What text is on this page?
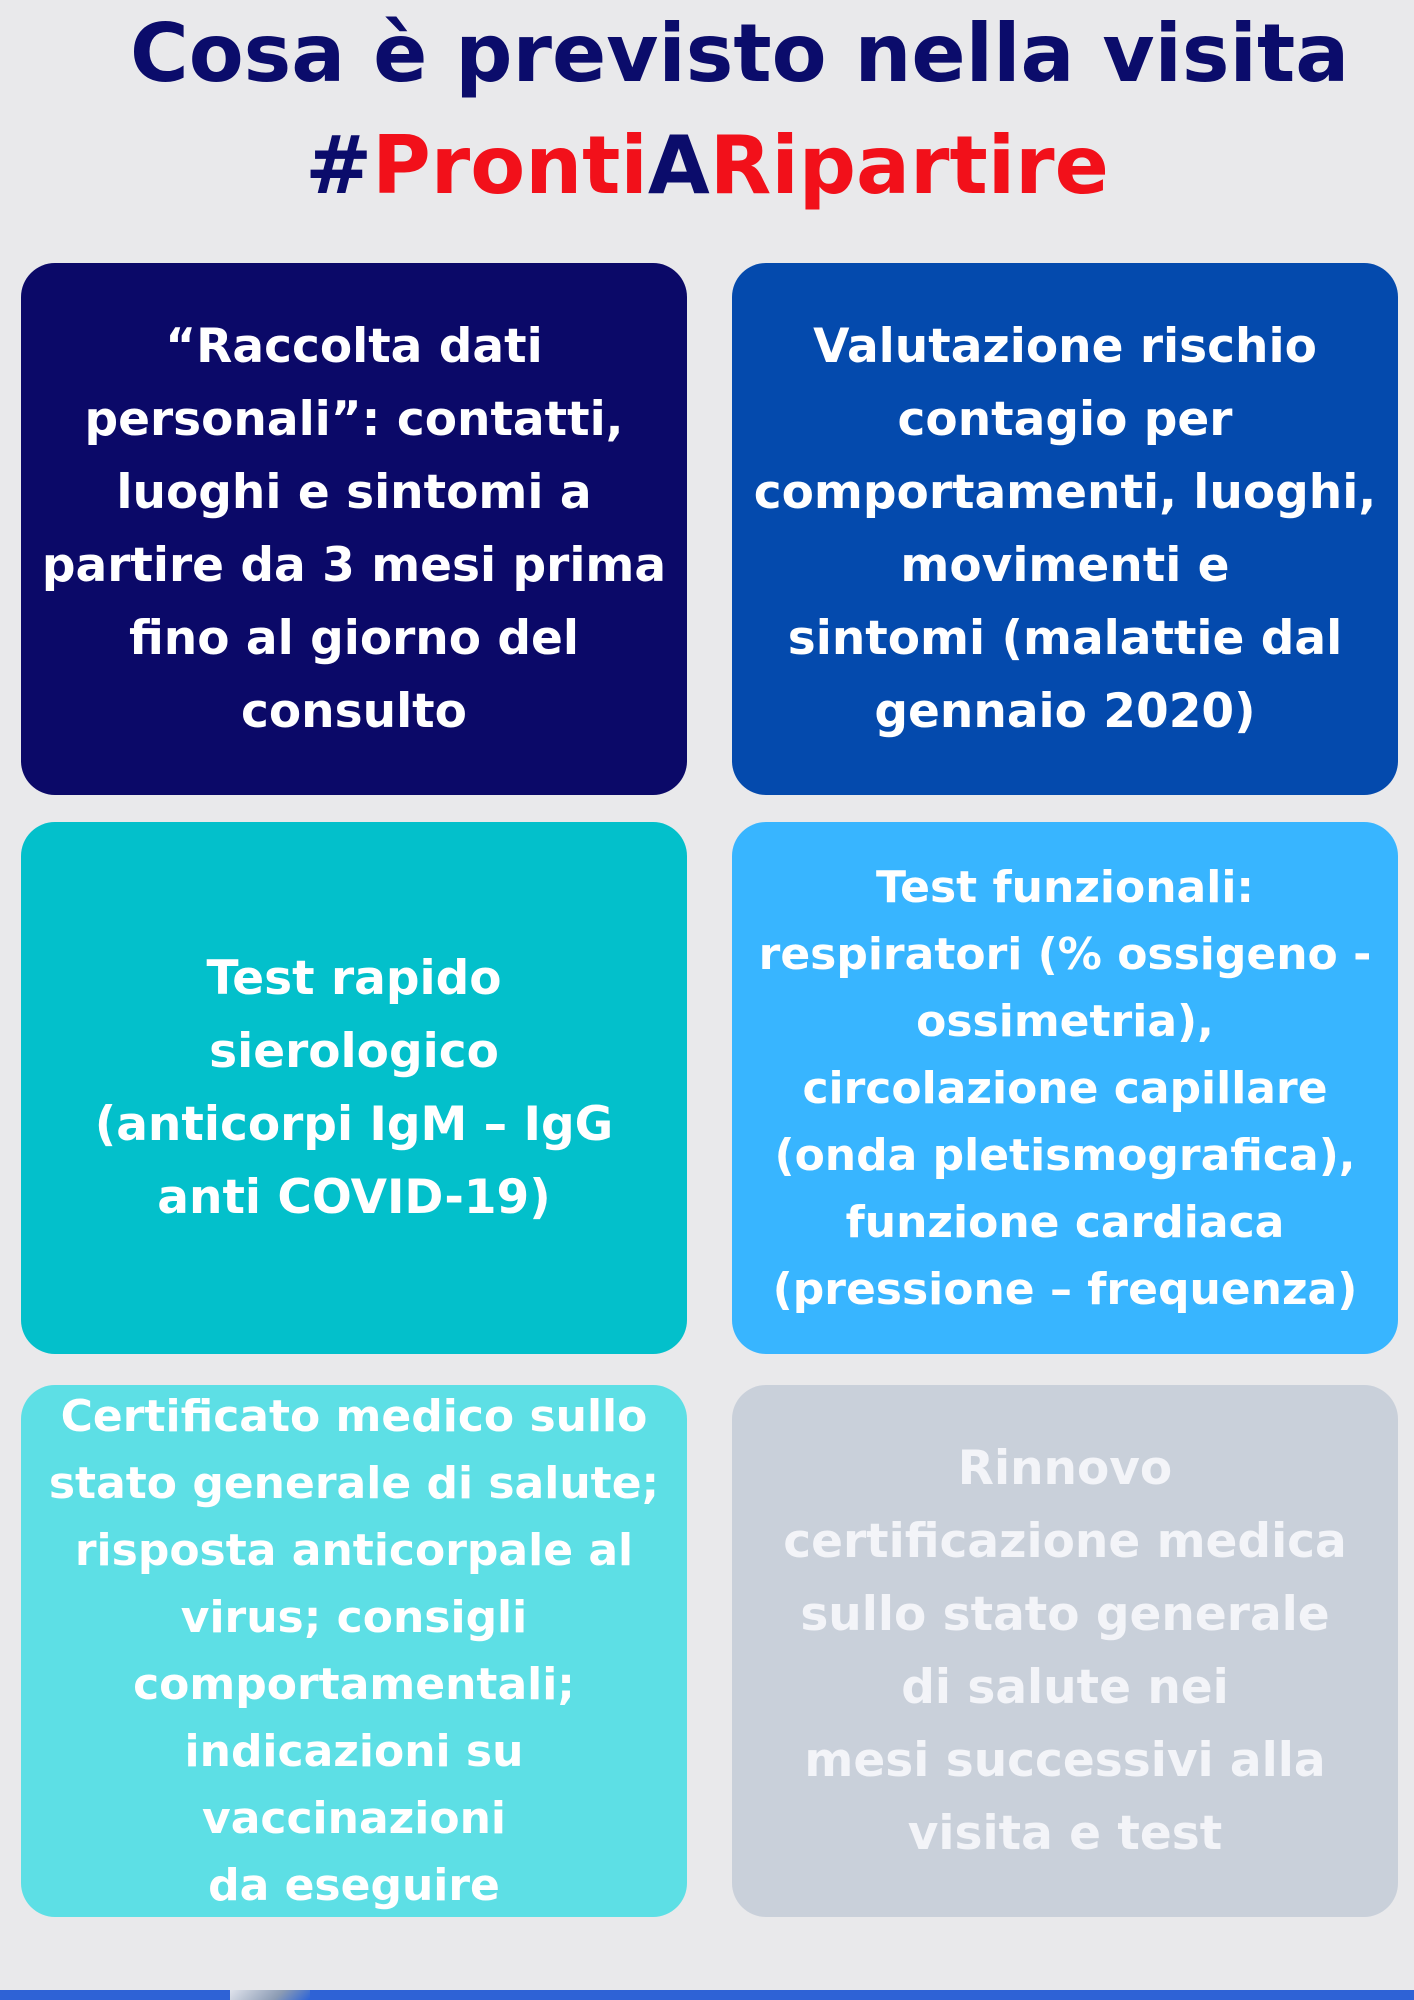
Cosa è previsto nella visita
#ProntiARipartire
“Raccolta dati
personali”: contatti,
luoghi e sintomi a
partire da 3 mesi prima
fino al giorno del
consulto
Valutazione rischio
contagio per
comportamenti, luoghi,
movimenti e
sintomi (malattie dal
gennaio 2020)
Test rapido
sierologico
(anticorpi IgM – IgG
anti COVID-19)
Test funzionali:
respiratori (% ossigeno -
ossimetria),
circolazione capillare
(onda pletismografica),
funzione cardiaca
(pressione – frequenza)
Certificato medico sullo
stato generale di salute;
risposta anticorpale al
virus; consigli
comportamentali;
indicazioni su vaccinazioni
da eseguire
Rinnovo
certificazione medica
sullo stato generale
di salute nei
mesi successivi alla
visita e test
